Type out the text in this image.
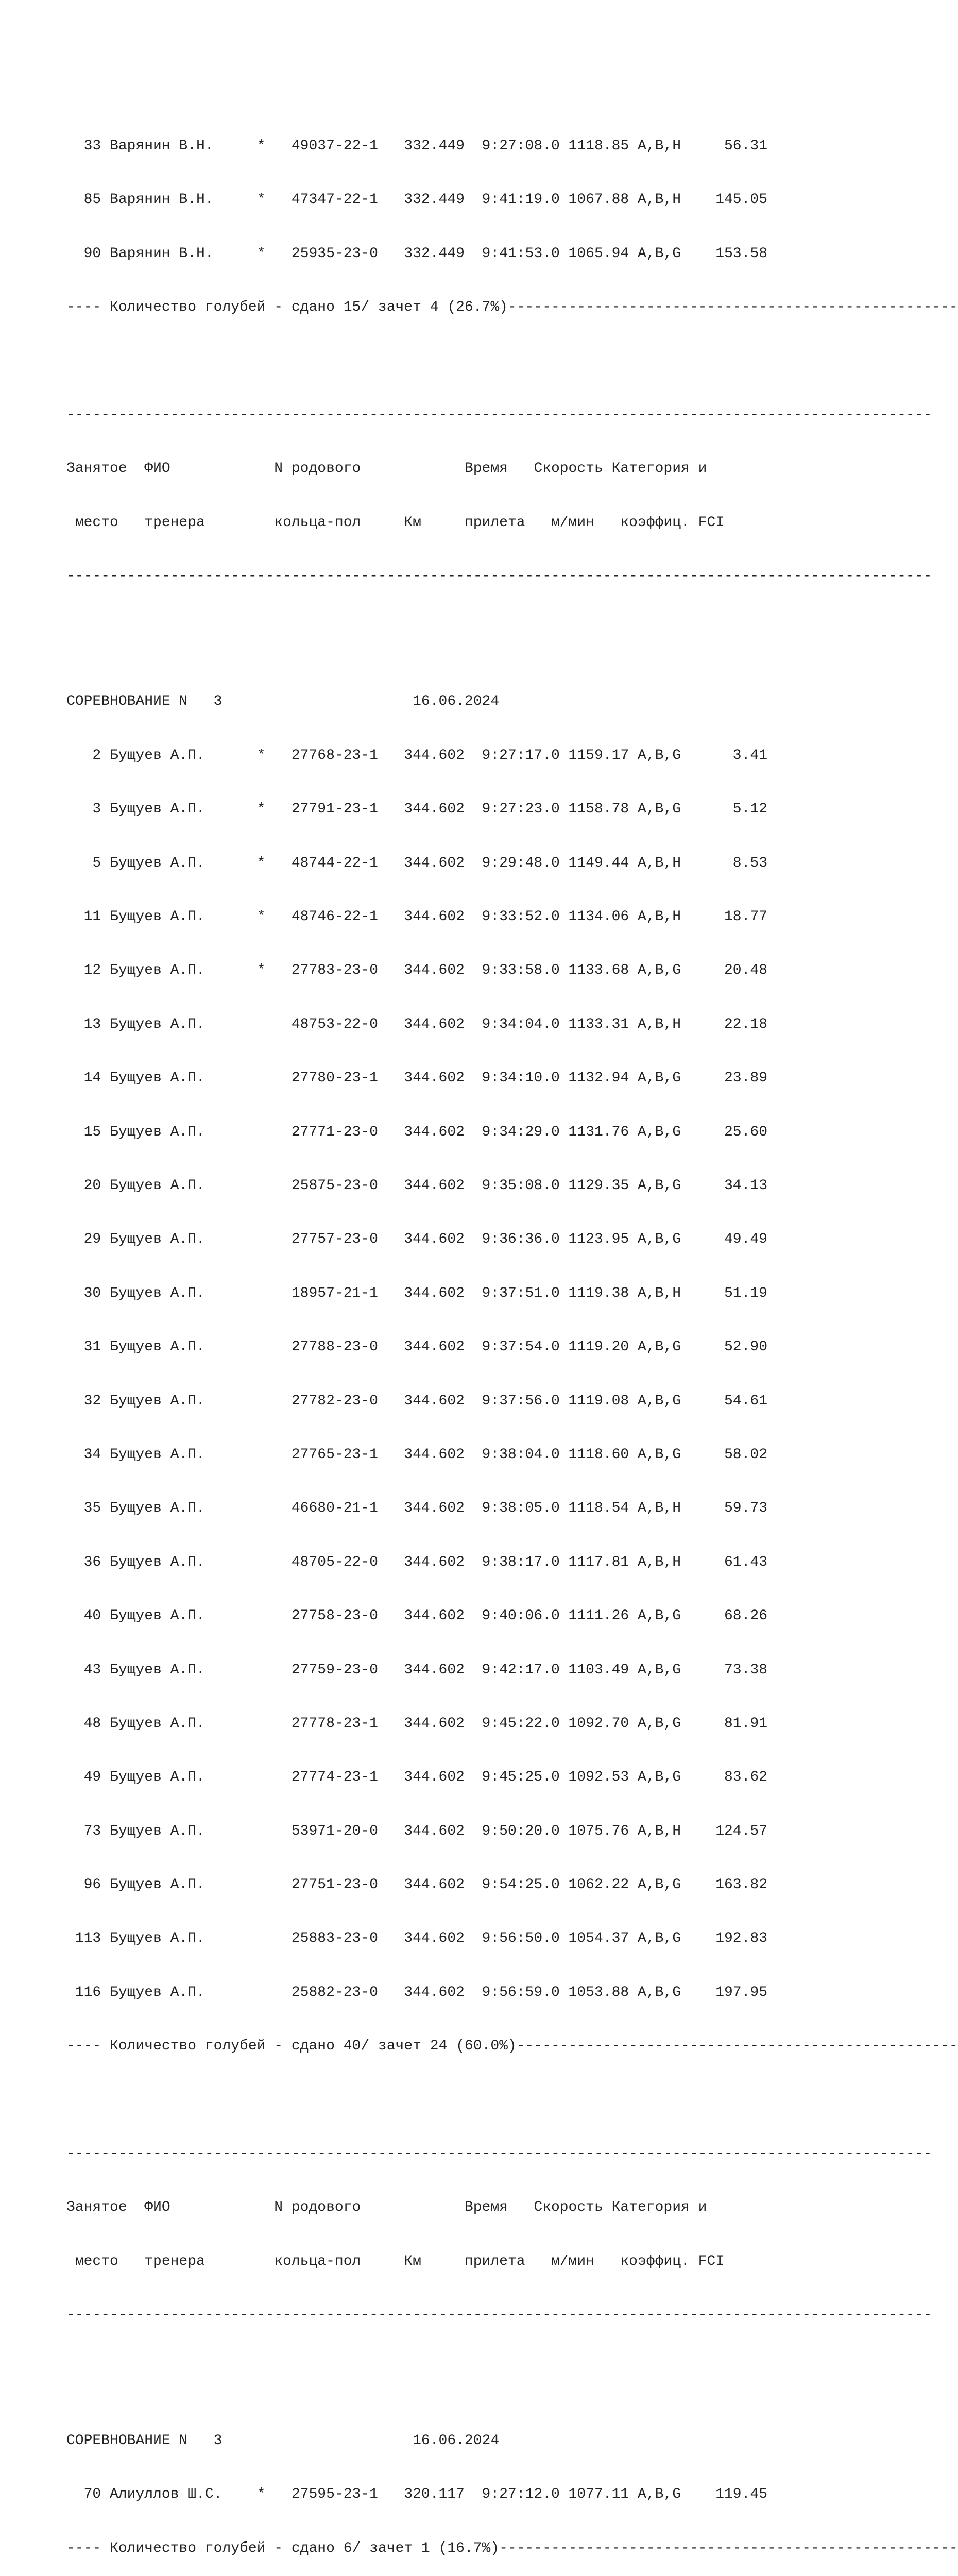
33 Варянин В.Н.     *   49037-22-1   332.449  9:27:08.0 1118.85 A,B,H     56.31

85 Варянин В.Н.     *   47347-22-1   332.449  9:41:19.0 1067.88 A,B,H    145.05

90 Варянин В.Н.     *   25935-23-0   332.449  9:41:53.0 1065.94 A,B,G    153.58

---- Количество голубей - сдано 15/ зачет 4 (26.7%)----------------------------------------------------

----------------------------------------------------------------------------------------------------

Занятое  ФИО            N родового            Время   Скорость Категория и

место   тренера        кольца-пол     Км     прилета   м/мин   коэффиц. FCI

----------------------------------------------------------------------------------------------------

СОРЕВНОВАНИЕ N   3                      16.06.2024

2 Бущуев А.П.      *   27768-23-1   344.602  9:27:17.0 1159.17 A,B,G      3.41

3 Бущуев А.П.      *   27791-23-1   344.602  9:27:23.0 1158.78 A,B,G      5.12

5 Бущуев А.П.      *   48744-22-1   344.602  9:29:48.0 1149.44 A,B,H      8.53

11 Бущуев А.П.      *   48746-22-1   344.602  9:33:52.0 1134.06 A,B,H     18.77

12 Бущуев А.П.      *   27783-23-0   344.602  9:33:58.0 1133.68 A,B,G     20.48

13 Бущуев А.П.          48753-22-0   344.602  9:34:04.0 1133.31 A,B,H     22.18

14 Бущуев А.П.          27780-23-1   344.602  9:34:10.0 1132.94 A,B,G     23.89

15 Бущуев А.П.          27771-23-0   344.602  9:34:29.0 1131.76 A,B,G     25.60

20 Бущуев А.П.          25875-23-0   344.602  9:35:08.0 1129.35 A,B,G     34.13

29 Бущуев А.П.          27757-23-0   344.602  9:36:36.0 1123.95 A,B,G     49.49

30 Бущуев А.П.          18957-21-1   344.602  9:37:51.0 1119.38 A,B,H     51.19

31 Бущуев А.П.          27788-23-0   344.602  9:37:54.0 1119.20 A,B,G     52.90

32 Бущуев А.П.          27782-23-0   344.602  9:37:56.0 1119.08 A,B,G     54.61

34 Бущуев А.П.          27765-23-1   344.602  9:38:04.0 1118.60 A,B,G     58.02

35 Бущуев А.П.          46680-21-1   344.602  9:38:05.0 1118.54 A,B,H     59.73

36 Бущуев А.П.          48705-22-0   344.602  9:38:17.0 1117.81 A,B,H     61.43

40 Бущуев А.П.          27758-23-0   344.602  9:40:06.0 1111.26 A,B,G     68.26

43 Бущуев А.П.          27759-23-0   344.602  9:42:17.0 1103.49 A,B,G     73.38

48 Бущуев А.П.          27778-23-1   344.602  9:45:22.0 1092.70 A,B,G     81.91

49 Бущуев А.П.          27774-23-1   344.602  9:45:25.0 1092.53 A,B,G     83.62

73 Бущуев А.П.          53971-20-0   344.602  9:50:20.0 1075.76 A,B,H    124.57

96 Бущуев А.П.          27751-23-0   344.602  9:54:25.0 1062.22 A,B,G    163.82

113 Бущуев А.П.          25883-23-0   344.602  9:56:50.0 1054.37 A,B,G    192.83

116 Бущуев А.П.          25882-23-0   344.602  9:56:59.0 1053.88 A,B,G    197.95

---- Количество голубей - сдано 40/ зачет 24 (60.0%)---------------------------------------------------

----------------------------------------------------------------------------------------------------

Занятое  ФИО            N родового            Время   Скорость Категория и

место   тренера        кольца-пол     Км     прилета   м/мин   коэффиц. FCI

----------------------------------------------------------------------------------------------------

СОРЕВНОВАНИЕ N   3                      16.06.2024

70 Алиуллов Ш.С.    *   27595-23-1   320.117  9:27:12.0 1077.11 A,B,G    119.45

---- Количество голубей - сдано 6/ зачет 1 (16.7%)-----------------------------------------------------
